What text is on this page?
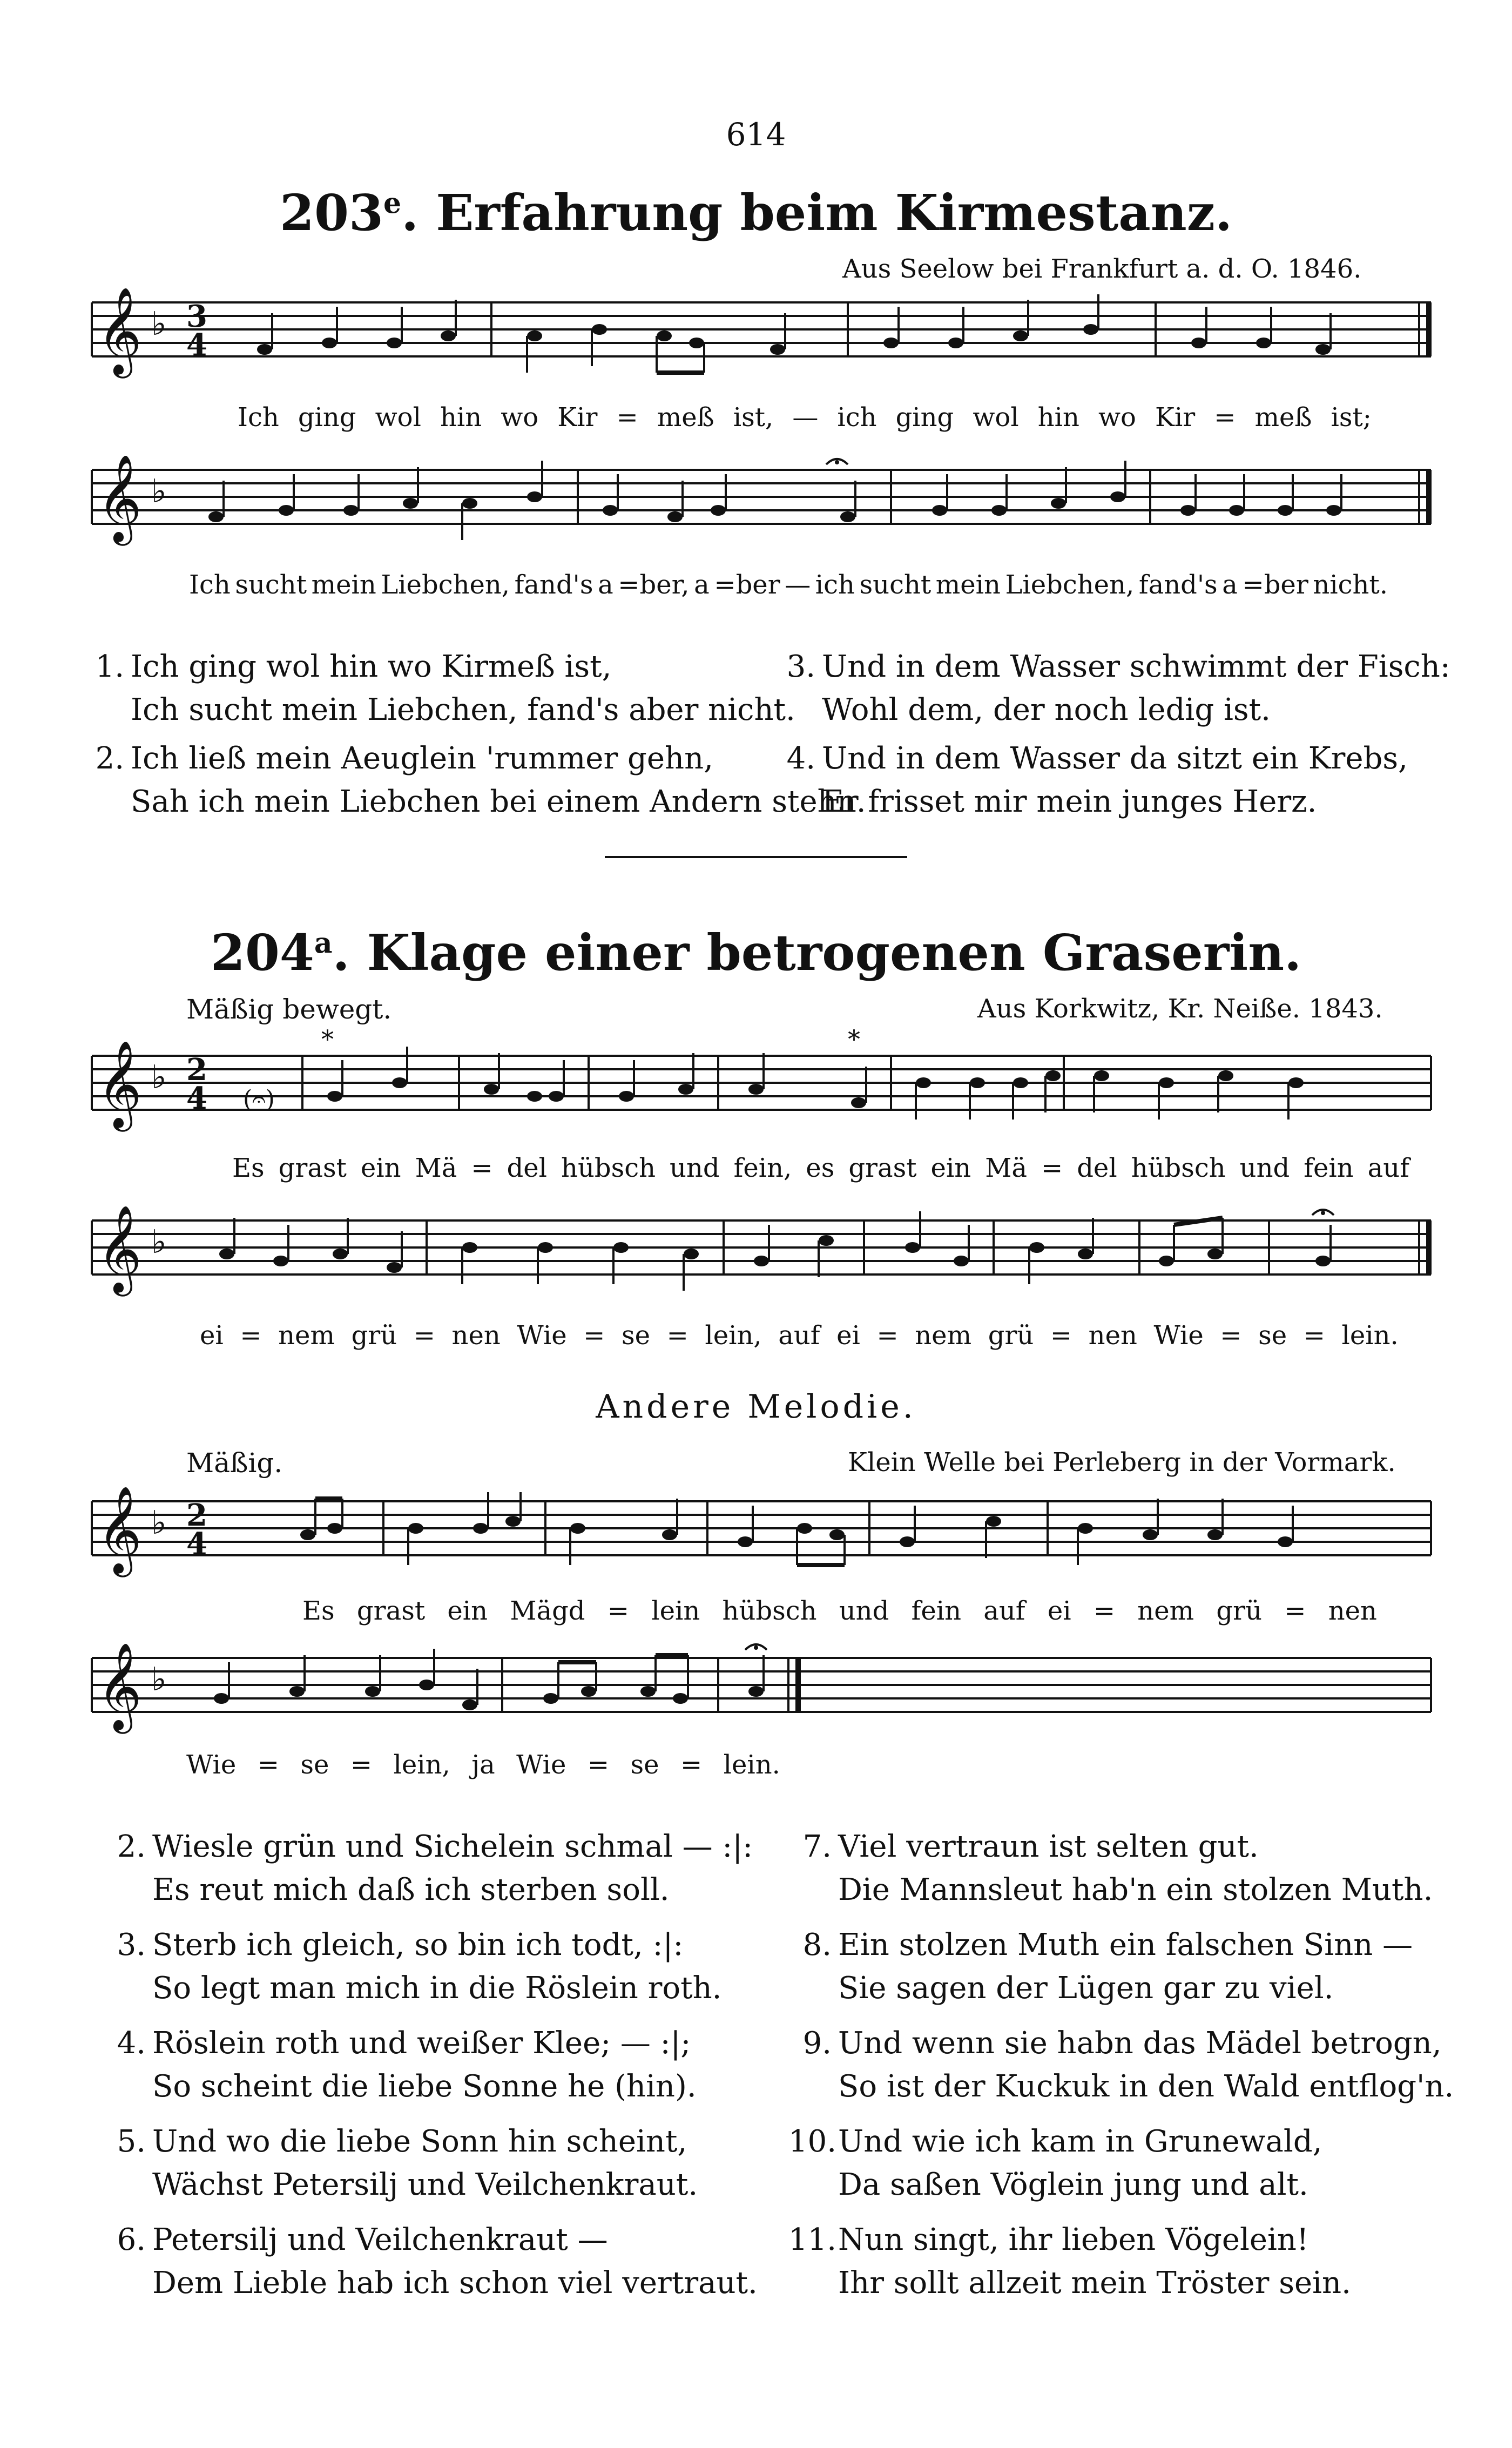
614
203e. Erfahrung beim Kirmestanz.
Aus Seelow bei Frankfurt a. d. O. 1846.
𝄞 ♭ 3
4
Ich ging wol hin wo Kir = meß ist, — ich ging wol hin wo Kir = meß ist;
𝄞 ♭
Ich sucht mein Liebchen, fand's a =ber, a =ber — ich sucht mein Liebchen, fand's a =ber nicht.
1. Ich ging wol hin wo Kirmeß ist,
Ich sucht mein Liebchen, fand's aber nicht.
2. Ich ließ mein Aeuglein 'rummer gehn,
Sah ich mein Liebchen bei einem Andern stehn.
3. Und in dem Wasser schwimmt der Fisch:
Wohl dem, der noch ledig ist.
4. Und in dem Wasser da sitzt ein Krebs,
Er frisset mir mein junges Herz.
204$^a$. Klage einer betrogenen Graserin.
Mäßig bewegt.	Aus Korkwitz, Kr. Neiße. 1843.
𝄞 ♭ 2
4 (𝄐)
*	*
Es grast ein Mä = del hübsch und fein, es grast ein Mä = del hübsch und fein auf
𝄞 ♭
ei = nem grü = nen Wie = se = lein, auf ei = nem grü = nen Wie = se = lein.
Andere Melodie.
Mäßig.	Klein Welle bei Perleberg in der Vormark.
𝄞 ♭ 2
4
Es grast ein Mägd = lein hübsch und fein auf ei = nem grü = nen
𝄞 ♭
Wie = se = lein, ja Wie = se = lein.
2. Wiesle grün und Sichelein schmal — :|:
Es reut mich daß ich sterben soll.
3. Sterb ich gleich, so bin ich todt, :|:
So legt man mich in die Röslein roth.
4. Röslein roth und weißer Klee; — :|;
So scheint die liebe Sonne he (hin).
5. Und wo die liebe Sonn hin scheint,
Wächst Petersilj und Veilchenkraut.
6. Petersilj und Veilchenkraut —
Dem Lieble hab ich schon viel vertraut.
7. Viel vertraun ist selten gut.
Die Mannsleut hab'n ein stolzen Muth.
8. Ein stolzen Muth ein falschen Sinn —
Sie sagen der Lügen gar zu viel.
9. Und wenn sie habn das Mädel betrogn,
So ist der Kuckuk in den Wald entflog'n.
10.Und wie ich kam in Grunewald,
Da saßen Vöglein jung und alt.
11.Nun singt, ihr lieben Vögelein!
Ihr sollt allzeit mein Tröster sein.
